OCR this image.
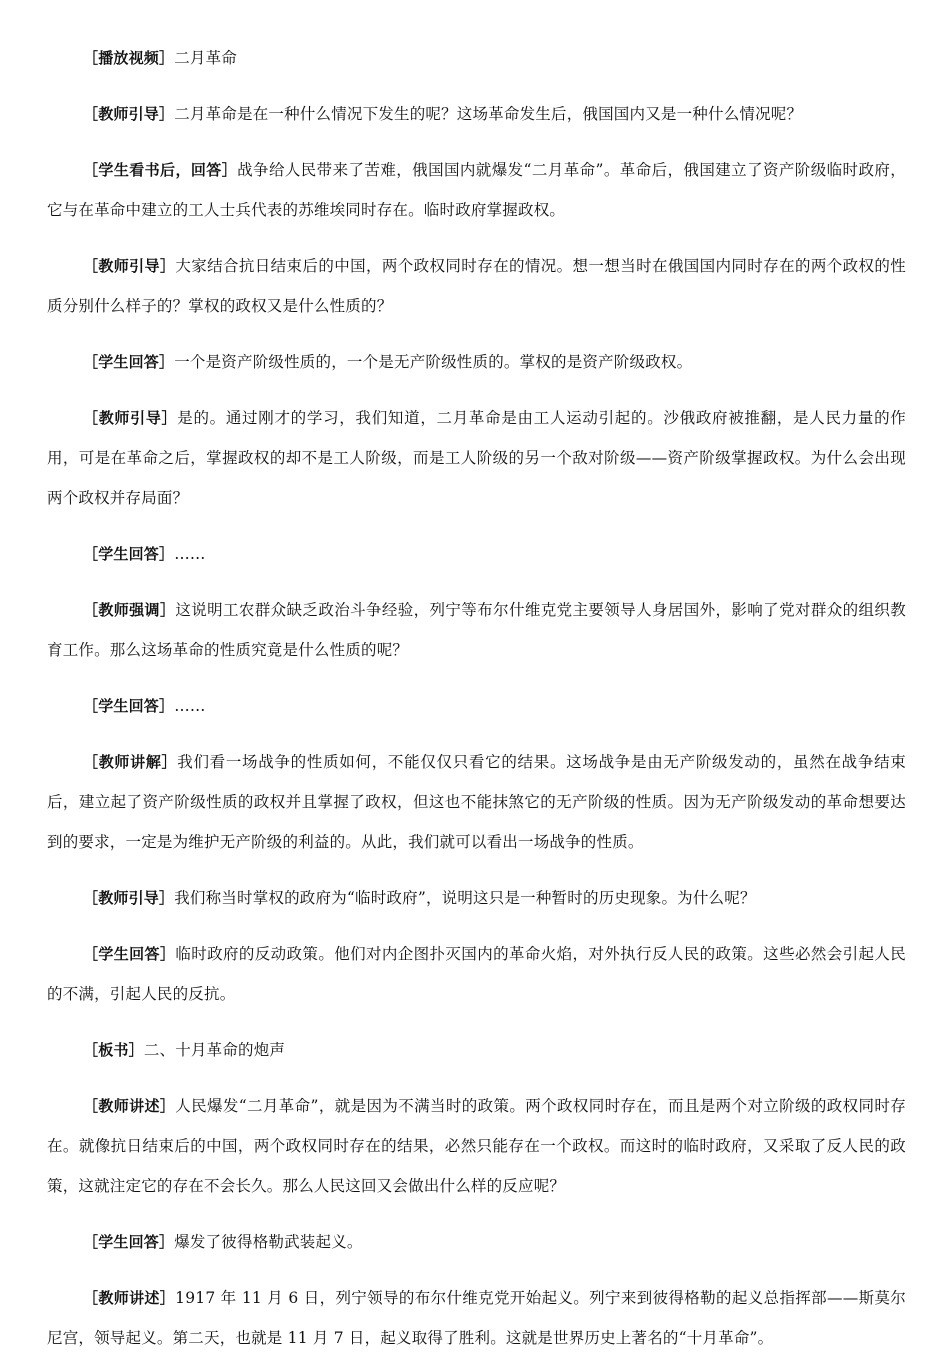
［播放视频］二月革命

［教师引导］二月革命是在一种什么情况下发生的呢？这场革命发生后，俄国国内又是一种什么情况呢？

［学生看书后，回答］战争给人民带来了苦难，俄国国内就爆发“二月革命”。革命后，俄国建立了资产阶级临时政府，它与在革命中建立的工人士兵代表的苏维埃同时存在。临时政府掌握政权。

［教师引导］大家结合抗日结束后的中国，两个政权同时存在的情况。想一想当时在俄国国内同时存在的两个政权的性质分别什么样子的？掌权的政权又是什么性质的？

［学生回答］一个是资产阶级性质的，一个是无产阶级性质的。掌权的是资产阶级政权。

［教师引导］是的。通过刚才的学习，我们知道，二月革命是由工人运动引起的。沙俄政府被推翻，是人民力量的作用，可是在革命之后，掌握政权的却不是工人阶级，而是工人阶级的另一个敌对阶级——资产阶级掌握政权。为什么会出现两个政权并存局面？

［学生回答］……

［教师强调］这说明工农群众缺乏政治斗争经验，列宁等布尔什维克党主要领导人身居国外，影响了党对群众的组织教育工作。那么这场革命的性质究竟是什么性质的呢？

［学生回答］……

［教师讲解］我们看一场战争的性质如何，不能仅仅只看它的结果。这场战争是由无产阶级发动的，虽然在战争结束后，建立起了资产阶级性质的政权并且掌握了政权，但这也不能抹煞它的无产阶级的性质。因为无产阶级发动的革命想要达到的要求，一定是为维护无产阶级的利益的。从此，我们就可以看出一场战争的性质。

［教师引导］我们称当时掌权的政府为“临时政府”，说明这只是一种暂时的历史现象。为什么呢？

［学生回答］临时政府的反动政策。他们对内企图扑灭国内的革命火焰，对外执行反人民的政策。这些必然会引起人民的不满，引起人民的反抗。

［板书］二、十月革命的炮声

［教师讲述］人民爆发“二月革命”，就是因为不满当时的政策。两个政权同时存在，而且是两个对立阶级的政权同时存在。就像抗日结束后的中国，两个政权同时存在的结果，必然只能存在一个政权。而这时的临时政府，又采取了反人民的政策，这就注定它的存在不会长久。那么人民这回又会做出什么样的反应呢？

［学生回答］爆发了彼得格勒武装起义。

［教师讲述］1917 年 11 月 6 日，列宁领导的布尔什维克党开始起义。列宁来到彼得格勒的起义总指挥部——斯莫尔尼宫，领导起义。第二天，也就是 11 月 7 日，起义取得了胜利。这就是世界历史上著名的“十月革命”。
